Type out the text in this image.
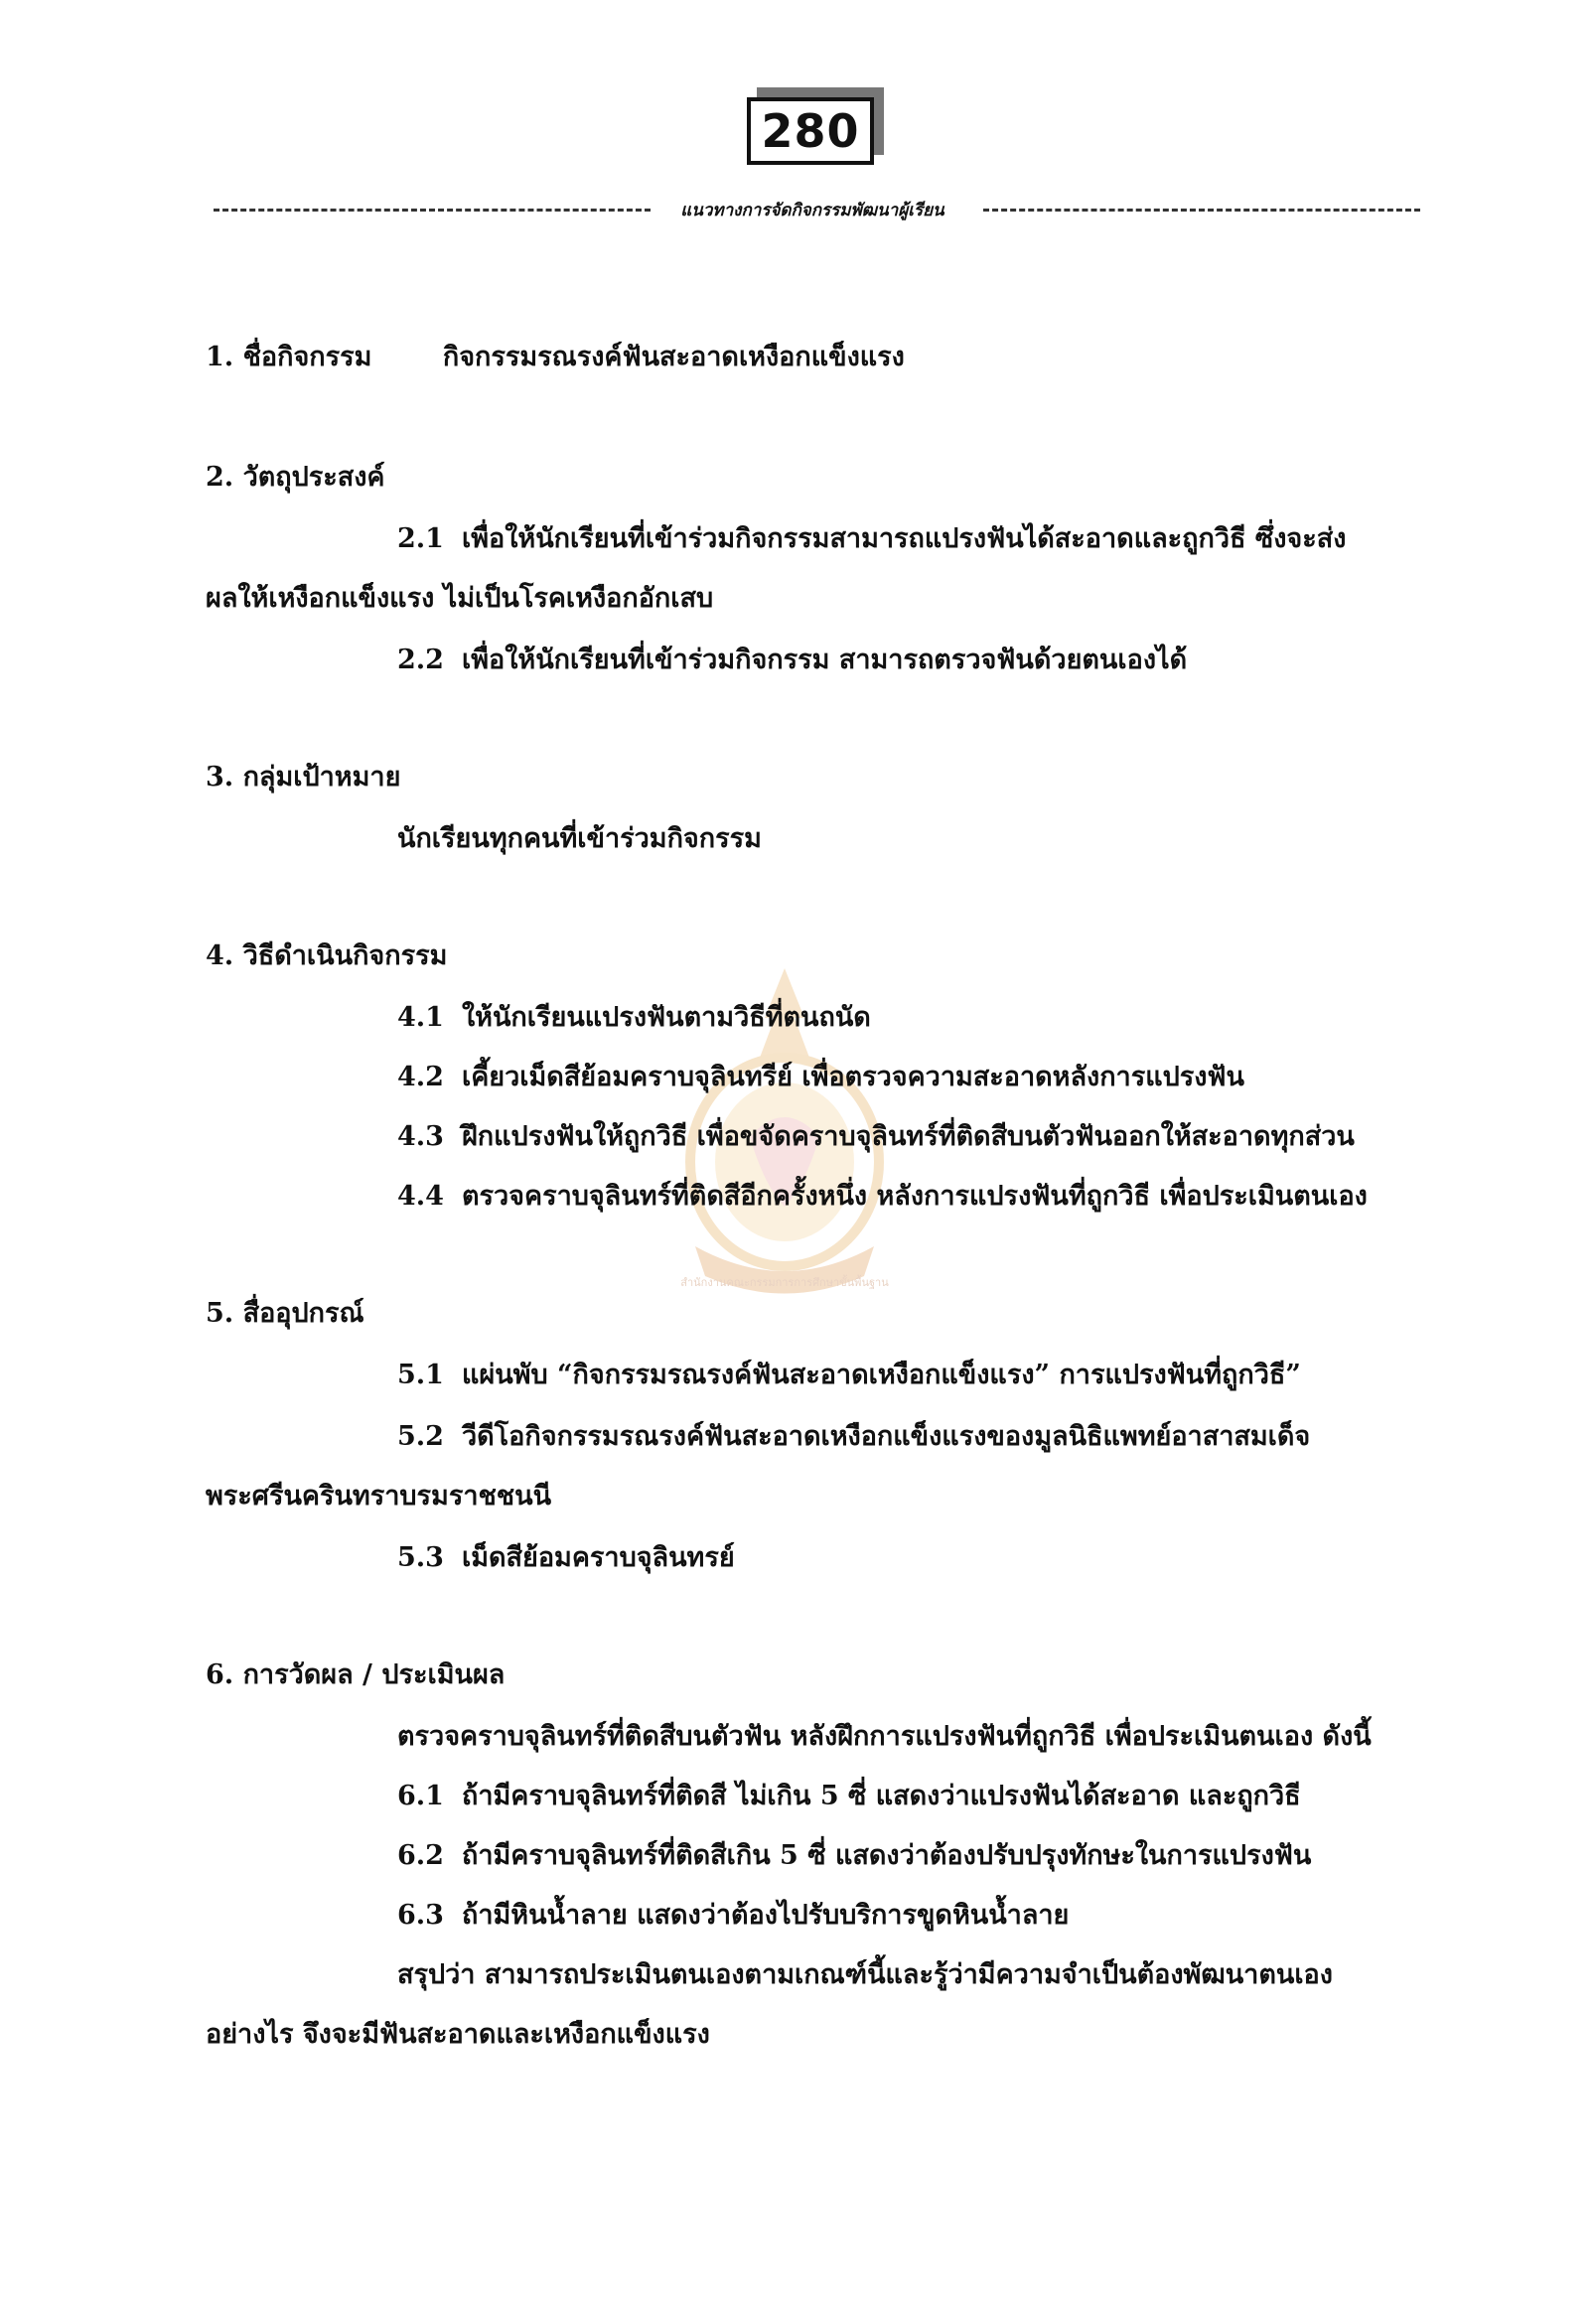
280
แนวทางการจัดกิจกรรมพัฒนาผู้เรียน
สำนักงานคณะกรรมการการศึกษาขั้นพื้นฐาน
1. ชื่อกิจกรรม	กิจกรรมรณรงค์ฟันสะอาดเหงือกแข็งแรง
2. วัตถุประสงค์
2.1 เพื่อให้นักเรียนที่เข้าร่วมกิจกรรมสามารถแปรงฟันได้สะอาดและถูกวิธี ซึ่งจะส่ง
ผลให้เหงือกแข็งแรง ไม่เป็นโรคเหงือกอักเสบ
2.2 เพื่อให้นักเรียนที่เข้าร่วมกิจกรรม สามารถตรวจฟันด้วยตนเองได้
3. กลุ่มเป้าหมาย
นักเรียนทุกคนที่เข้าร่วมกิจกรรม
4. วิธีดำเนินกิจกรรม
4.1 ให้นักเรียนแปรงฟันตามวิธีที่ตนถนัด
4.2 เคี้ยวเม็ดสีย้อมคราบจุลินทรีย์ เพื่อตรวจความสะอาดหลังการแปรงฟัน
4.3 ฝึกแปรงฟันให้ถูกวิธี เพื่อขจัดคราบจุลินทร์ที่ติดสีบนตัวฟันออกให้สะอาดทุกส่วน
4.4 ตรวจคราบจุลินทร์ที่ติดสีอีกครั้งหนึ่ง หลังการแปรงฟันที่ถูกวิธี เพื่อประเมินตนเอง
5. สื่ออุปกรณ์
5.1 แผ่นพับ “กิจกรรมรณรงค์ฟันสะอาดเหงือกแข็งแรง” การแปรงฟันที่ถูกวิธี”
5.2 วีดีโอกิจกรรมรณรงค์ฟันสะอาดเหงือกแข็งแรงของมูลนิธิแพทย์อาสาสมเด็จ
พระศรีนครินทราบรมราชชนนี
5.3 เม็ดสีย้อมคราบจุลินทรย์
6. การวัดผล / ประเมินผล
ตรวจคราบจุลินทร์ที่ติดสีบนตัวฟัน หลังฝึกการแปรงฟันที่ถูกวิธี เพื่อประเมินตนเอง ดังนี้
6.1 ถ้ามีคราบจุลินทร์ที่ติดสี ไม่เกิน 5 ซี่ แสดงว่าแปรงฟันได้สะอาด และถูกวิธี
6.2 ถ้ามีคราบจุลินทร์ที่ติดสีเกิน 5 ซี่ แสดงว่าต้องปรับปรุงทักษะในการแปรงฟัน
6.3 ถ้ามีหินน้ำลาย แสดงว่าต้องไปรับบริการขูดหินน้ำลาย
สรุปว่า สามารถประเมินตนเองตามเกณฑ์นี้และรู้ว่ามีความจำเป็นต้องพัฒนาตนเอง
อย่างไร จึงจะมีฟันสะอาดและเหงือกแข็งแรง
